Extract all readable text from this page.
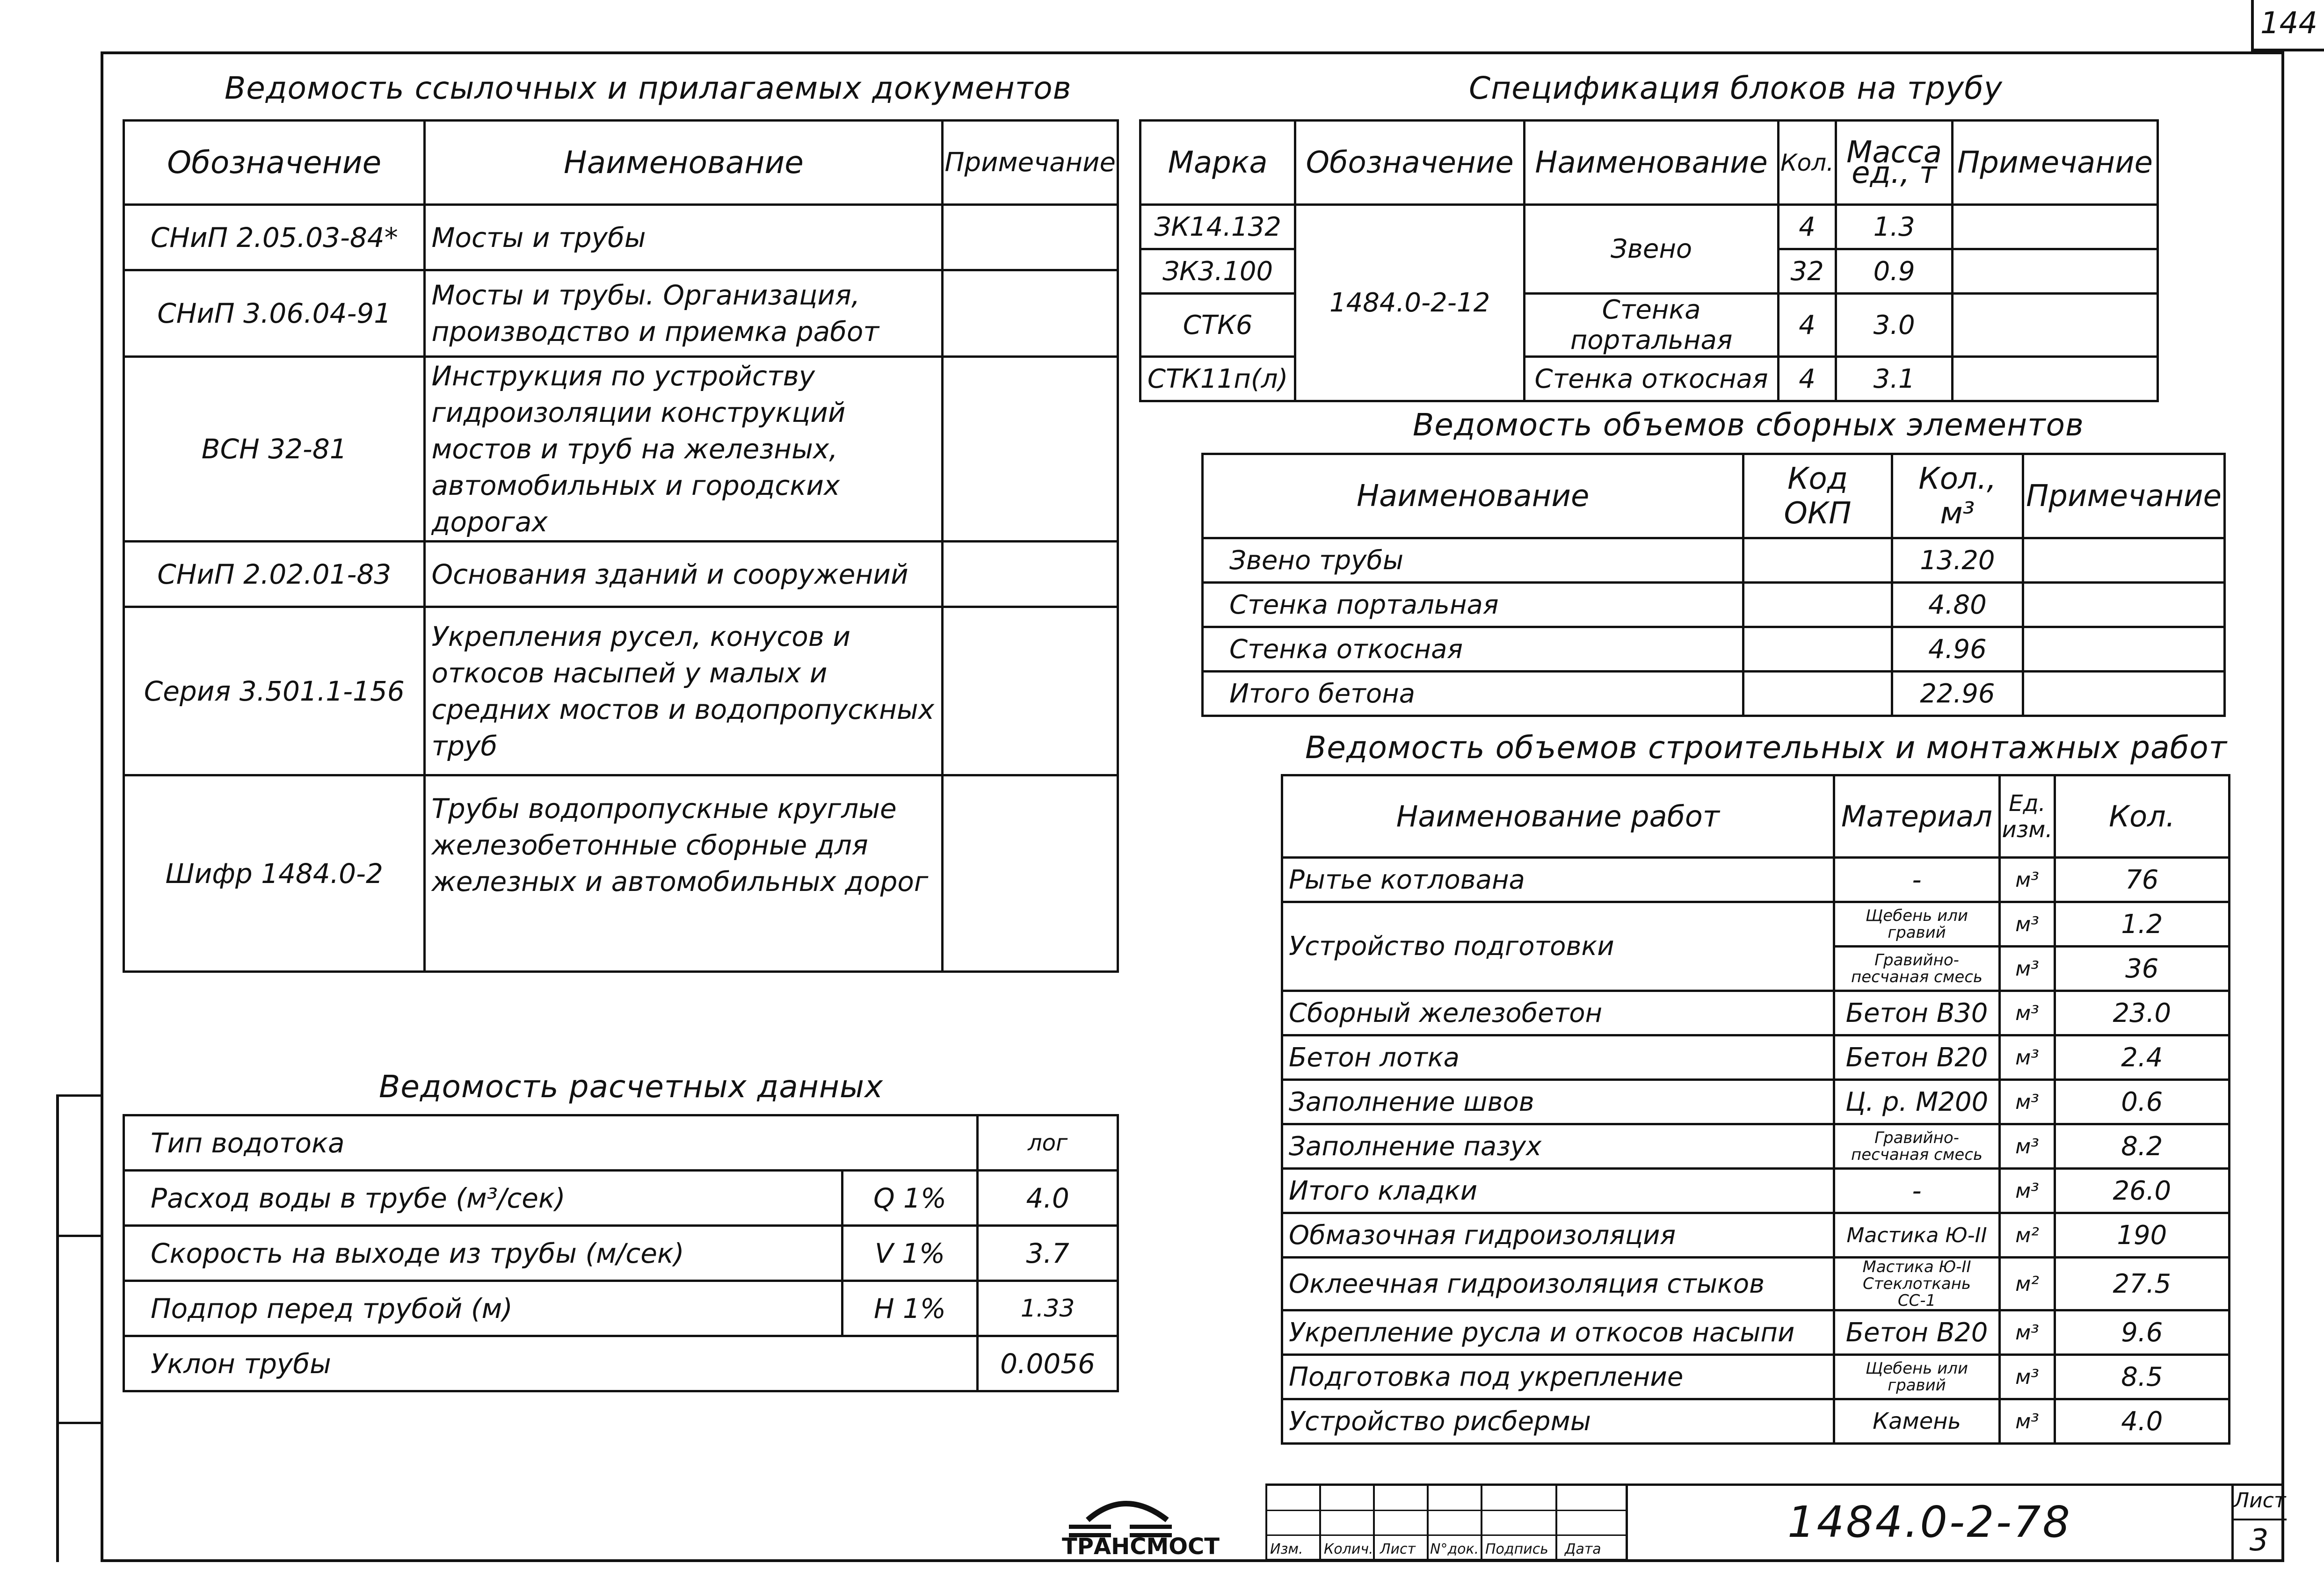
144
Ведомость ссылочных и прилагаемых документов
Обозначение	Наименование	Примечание
СНиП 2.05.03-84*	Мосты и трубы	
СНиП 3.06.04-91	Мосты и трубы. Организация, производство и приемка работ	
ВСН 32-81	Инструкция по устройству гидроизоляции конструкций мостов и труб на железных, автомобильных и городских дорогах	
СНиП 2.02.01-83	Основания зданий и сооружений	
Серия 3.501.1-156	Укрепления русел, конусов и откосов насыпей у малых и средних мостов и водопропускных труб	
Шифр 1484.0-2	Трубы водопропускные круглые железобетонные сборные для железных и автомобильных дорог	
Спецификация блоков на трубу
Марка	Обозначение	Наименование	Кол.	Масса ед., т	Примечание
ЗК14.132	1484.0-2-12	Звено	4	1.3	
ЗК3.100			32	0.9	
СТК6		Стенка портальная	4	3.0	
СТК11п(л)		Стенка откосная	4	3.1	
Ведомость объемов сборных элементов
Наименование	Код ОКП	Кол., м³	Примечание
Звено трубы		13.20	
Стенка портальная		4.80	
Стенка откосная		4.96	
Итого бетона		22.96	
Ведомость объемов строительных и монтажных работ
Наименование работ	Материал	Ед. изм.	Кол.
Рытье котлована	-	м³	76
Устройство подготовки	Щебень или гравий	м³	1.2
	Гравийно-песчаная смесь	м³	36
Сборный железобетон	Бетон В30	м³	23.0
Бетон лотка	Бетон В20	м³	2.4
Заполнение швов	Ц. р. М200	м³	0.6
Заполнение пазух	Гравийно-песчаная смесь	м³	8.2
Итого кладки	-	м³	26.0
Обмазочная гидроизоляция	Мастика Ю-II	м²	190
Оклеечная гидроизоляция стыков	Мастика Ю-II Стеклоткань СС-1	м²	27.5
Укрепление русла и откосов насыпи	Бетон В20	м³	9.6
Подготовка под укрепление	Щебень или гравий	м³	8.5
Устройство рисбермы	Камень	м³	4.0
Ведомость расчетных данных
Тип водотока		лог
Расход воды в трубе (м³/сек)	Q 1%	4.0
Скорость на выходе из трубы (м/сек)	V 1%	3.7
Подпор перед трубой (м)	H 1%	1.33
Уклон трубы		0.0056
ТРАНСМОСТ	Изм. Колич. Лист N°док. Подпись Дата
1484.0-2-78	Лист
3
